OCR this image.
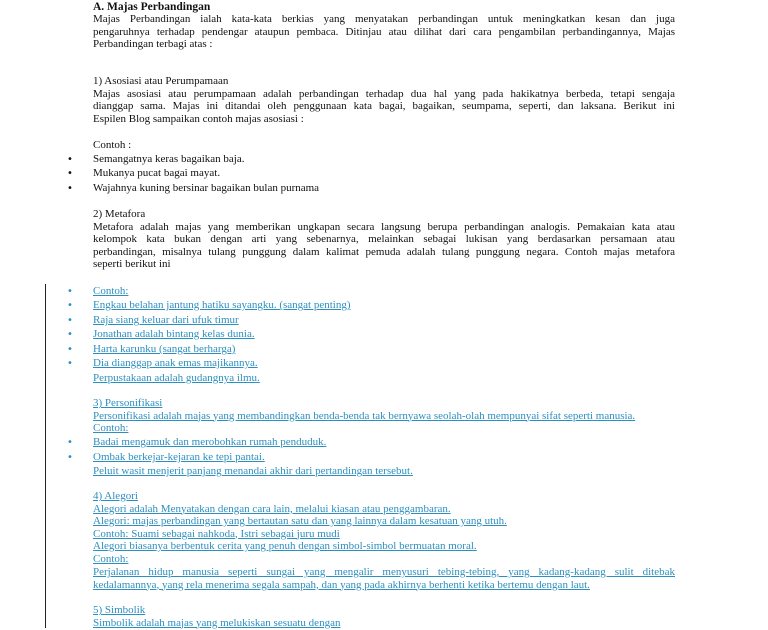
A. Majas Perbandingan
Majas Perbandingan ialah kata-kata berkias yang menyatakan perbandingan untuk meningkatkan kesan dan juga
pengaruhnya terhadap pendengar ataupun pembaca. Ditinjau atau dilihat dari cara pengambilan perbandingannya, Majas
Perbandingan terbagi atas :
1) Asosiasi atau Perumpamaan
Majas asosiasi atau perumpamaan adalah perbandingan terhadap dua hal yang pada hakikatnya berbeda, tetapi sengaja
dianggap sama. Majas ini ditandai oleh penggunaan kata bagai, bagaikan, seumpama, seperti, dan laksana. Berikut ini
Espilen Blog sampaikan contoh majas asosiasi :
Contoh :
•
Semangatnya keras bagaikan baja.
•
Mukanya pucat bagai mayat.
•
Wajahnya kuning bersinar bagaikan bulan purnama
2) Metafora
Metafora adalah majas yang memberikan ungkapan secara langsung berupa perbandingan analogis. Pemakaian kata atau
kelompok kata bukan dengan arti yang sebenarnya, melainkan sebagai lukisan yang berdasarkan persamaan atau
perbandingan, misalnya tulang punggung dalam kalimat pemuda adalah tulang punggung negara. Contoh majas metafora
seperti berikut ini
•
Contoh:
•
Engkau belahan jantung hatiku sayangku. (sangat penting)
•
Raja siang keluar dari ufuk timur
•
Jonathan adalah bintang kelas dunia.
•
Harta karunku (sangat berharga)
•
Dia dianggap anak emas majikannya.
Perpustakaan adalah gudangnya ilmu.
3) Personifikasi
Personifikasi adalah majas yang membandingkan benda-benda tak bernyawa seolah-olah mempunyai sifat seperti manusia.
Contoh:
•
Badai mengamuk dan merobohkan rumah penduduk.
•
Ombak berkejar-kejaran ke tepi pantai.
Peluit wasit menjerit panjang menandai akhir dari pertandingan tersebut.
4) Alegori
Alegori adalah Menyatakan dengan cara lain, melalui kiasan atau penggambaran.
Alegori: majas perbandingan yang bertautan satu dan yang lainnya dalam kesatuan yang utuh.
Contoh: Suami sebagai nahkoda, Istri sebagai juru mudi
Alegori biasanya berbentuk cerita yang penuh dengan simbol-simbol bermuatan moral.
Contoh:
Perjalanan hidup manusia seperti sungai yang mengalir menyusuri tebing-tebing, yang kadang-kadang sulit ditebak
kedalamannya, yang rela menerima segala sampah, dan yang pada akhirnya berhenti ketika bertemu dengan laut.
5) Simbolik
Simbolik adalah majas yang melukiskan sesuatu dengan
